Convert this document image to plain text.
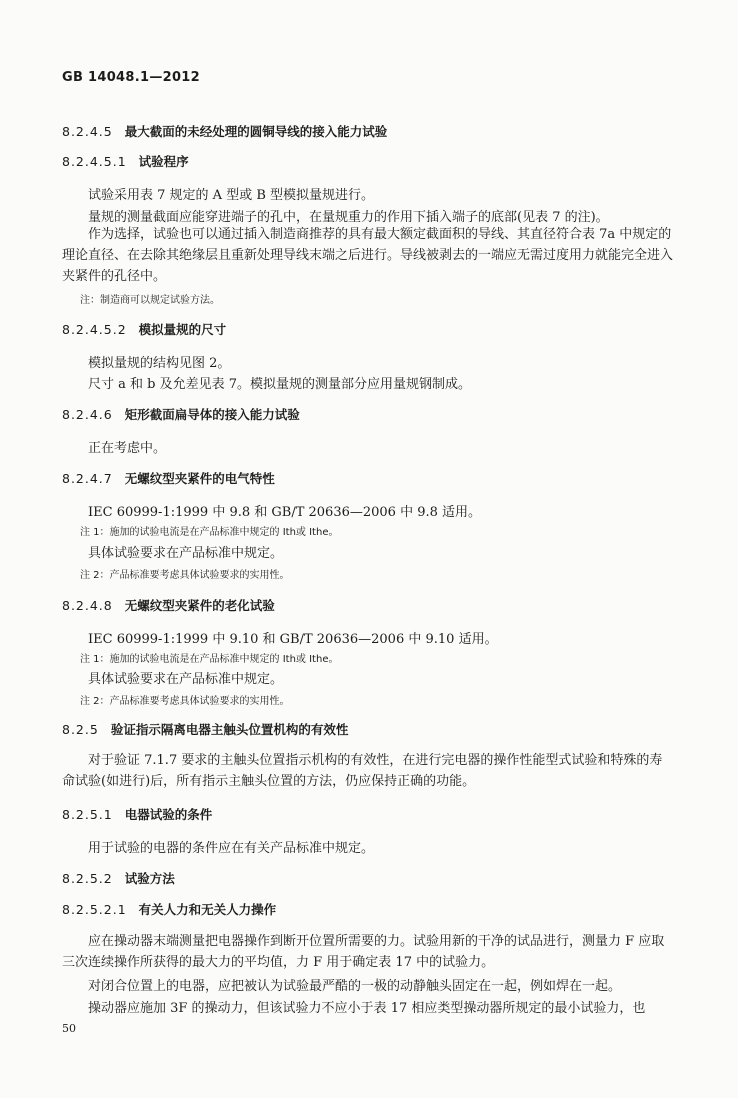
GB 14048.1—2012
8.2.4.5 最大截面的未经处理的圆铜导线的接入能力试验
8.2.4.5.1 试验程序
试验采用表 7 规定的 A 型或 B 型模拟量规进行。
量规的测量截面应能穿进端子的孔中，在量规重力的作用下插入端子的底部(见表 7 的注)。
作为选择，试验也可以通过插入制造商推荐的具有最大额定截面积的导线、其直径符合表 7a 中规定的理论直径、在去除其绝缘层且重新处理导线末端之后进行。导线被剥去的一端应无需过度用力就能完全进入夹紧件的孔径中。
注：制造商可以规定试验方法。
8.2.4.5.2 模拟量规的尺寸
模拟量规的结构见图 2。
尺寸 a 和 b 及允差见表 7。模拟量规的测量部分应用量规钢制成。
8.2.4.6 矩形截面扁导体的接入能力试验
正在考虑中。
8.2.4.7 无螺纹型夹紧件的电气特性
IEC 60999-1:1999 中 9.8 和 GB/T 20636—2006 中 9.8 适用。
注 1：施加的试验电流是在产品标准中规定的 Ith或 Ithe。
具体试验要求在产品标准中规定。
注 2：产品标准要考虑具体试验要求的实用性。
8.2.4.8 无螺纹型夹紧件的老化试验
IEC 60999-1:1999 中 9.10 和 GB/T 20636—2006 中 9.10 适用。
注 1：施加的试验电流是在产品标准中规定的 Ith或 Ithe。
具体试验要求在产品标准中规定。
注 2：产品标准要考虑具体试验要求的实用性。
8.2.5 验证指示隔离电器主触头位置机构的有效性
对于验证 7.1.7 要求的主触头位置指示机构的有效性，在进行完电器的操作性能型式试验和特殊的寿命试验(如进行)后，所有指示主触头位置的方法，仍应保持正确的功能。
8.2.5.1 电器试验的条件
用于试验的电器的条件应在有关产品标准中规定。
8.2.5.2 试验方法
8.2.5.2.1 有关人力和无关人力操作
应在操动器末端测量把电器操作到断开位置所需要的力。试验用新的干净的试品进行，测量力 F 应取三次连续操作所获得的最大力的平均值，力 F 用于确定表 17 中的试验力。
对闭合位置上的电器，应把被认为试验最严酷的一极的动静触头固定在一起，例如焊在一起。
操动器应施加 3F 的操动力，但该试验力不应小于表 17 相应类型操动器所规定的最小试验力，也
50
